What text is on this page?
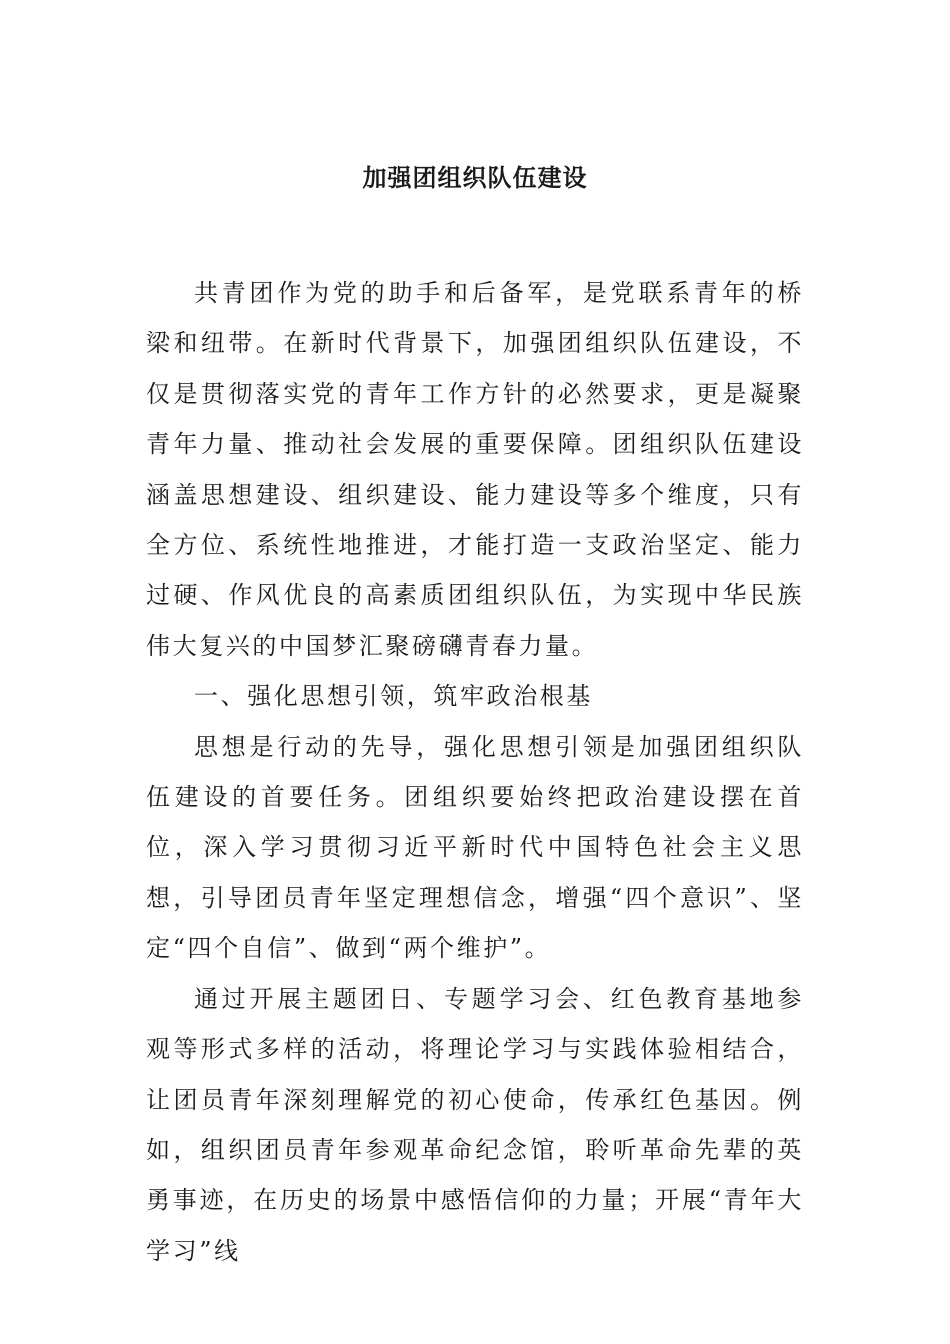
加强团组织队伍建设

共青团作为党的助手和后备军，是党联系青年的桥梁和纽带。在新时代背景下，加强团组织队伍建设，不仅是贯彻落实党的青年工作方针的必然要求，更是凝聚青年力量、推动社会发展的重要保障。团组织队伍建设涵盖思想建设、组织建设、能力建设等多个维度，只有全方位、系统性地推进，才能打造一支政治坚定、能力过硬、作风优良的高素质团组织队伍，为实现中华民族伟大复兴的中国梦汇聚磅礴青春力量。

一、强化思想引领，筑牢政治根基

思想是行动的先导，强化思想引领是加强团组织队伍建设的首要任务。团组织要始终把政治建设摆在首位，深入学习贯彻习近平新时代中国特色社会主义思想，引导团员青年坚定理想信念，增强“四个意识”、坚定“四个自信”、做到“两个维护”。

通过开展主题团日、专题学习会、红色教育基地参观等形式多样的活动，将理论学习与实践体验相结合，让团员青年深刻理解党的初心使命，传承红色基因。例如，组织团员青年参观革命纪念馆，聆听革命先辈的英勇事迹，在历史的场景中感悟信仰的力量；开展“青年大学习”线
